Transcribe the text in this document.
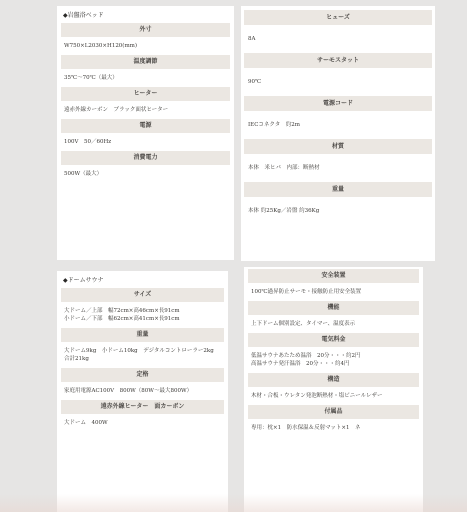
◆岩盤浴ベッド
外寸
W750×L2030×H120(mm)
温度調節
35℃〜70℃（最大）
ヒーター
遠赤外線カーボン　ブラック面状ヒーター
電源
100V　50／60Hz
消費電力
500W（最大）
ヒューズ
8A
サーモスタット
90℃
電源コード
IECコネクタ　約2m
材質
本体　米ヒバ　内部：断熱材
重量
本体 約25Kg／岩盤 約36Kg
◆ドームサウナ
サイズ
大ドーム／上部　幅72cm×高46cm×長91cm
小ドーム／下部　幅62cm×高41cm×長91cm
重量
大ドーム9kg　小ドーム10kg　デジタルコントローラー2kg　合計21kg
定格
家庭用電源AC100V　800W（80W〜最大800W）
遠赤外線ヒーター　面カーボン
大ドーム　400W
安全装置
100℃過昇防止サーモ・接触防止用安全装置
機能
上下ドーム個別設定、タイマー、温度表示
電気料金
低温サウナあたため温浴　20分・・・約2円
高温サウナ発汗温浴　20分・・・約4円
構造
木材・合板・ウレタン発泡断熱材・塩ビニールレザー
付属品
専用：枕×1　防水保温＆反射マット×1　ネ
